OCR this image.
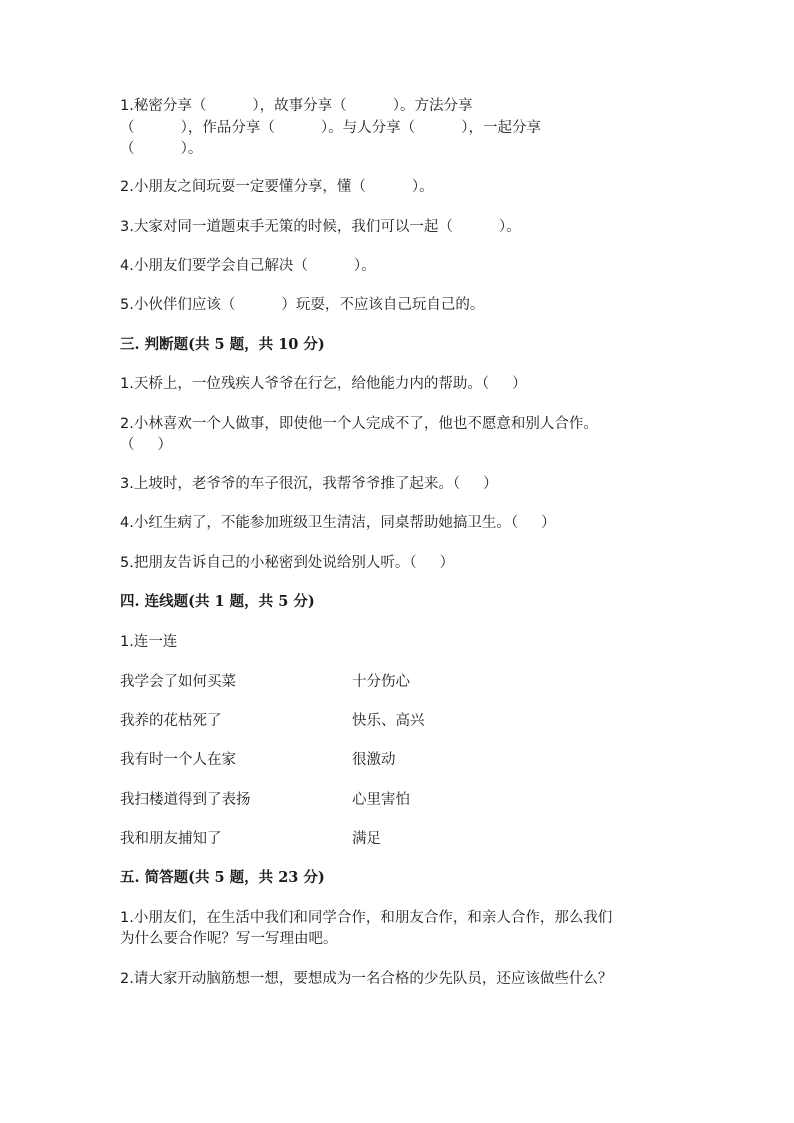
1.秘密分享（          ），故事分享（          ）。方法分享
（          ），作品分享（          ）。与人分享（          ），一起分享
（          ）。
2.小朋友之间玩耍一定要懂分享，懂（          ）。
3.大家对同一道题束手无策的时候，我们可以一起（          ）。
4.小朋友们要学会自己解决（          ）。
5.小伙伴们应该（          ）玩耍，不应该自己玩自己的。
三. 判断题(共 5 题，共 10 分)
1.天桥上，一位残疾人爷爷在行乞，给他能力内的帮助。（     ）
2.小林喜欢一个人做事，即使他一个人完成不了，他也不愿意和别人合作。
（     ）
3.上坡时，老爷爷的车子很沉，我帮爷爷推了起来。（     ）
4.小红生病了，不能参加班级卫生清洁，同桌帮助她搞卫生。（     ）
5.把朋友告诉自己的小秘密到处说给别人听。（     ）
四. 连线题(共 1 题，共 5 分)
1.连一连
我学会了如何买菜	十分伤心
我养的花枯死了	快乐、高兴
我有时一个人在家	很激动
我扫楼道得到了表扬	心里害怕
我和朋友捕知了	满足
五. 简答题(共 5 题，共 23 分)
1.小朋友们，在生活中我们和同学合作，和朋友合作，和亲人合作，那么我们
为什么要合作呢？写一写理由吧。
2.请大家开动脑筋想一想，要想成为一名合格的少先队员，还应该做些什么？
